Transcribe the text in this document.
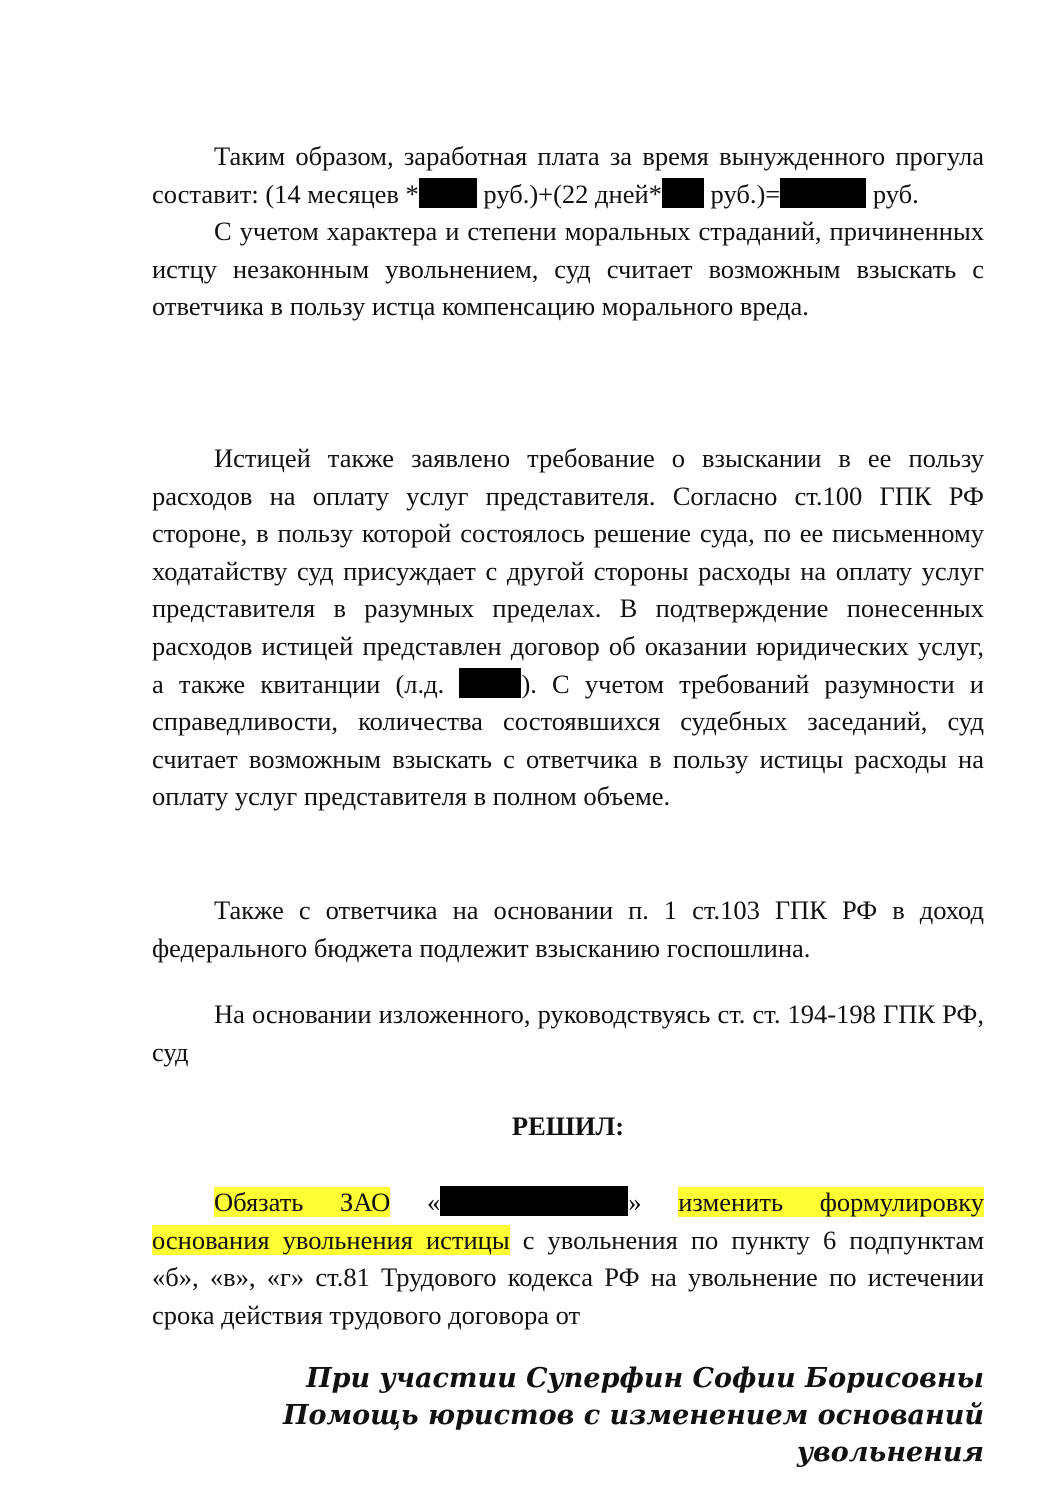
Таким образом, заработная плата за время вынужденного прогула составит: (14 месяцев * руб.)+(22 дней* руб.)=	руб.

С учетом характера и степени моральных страданий, причиненных истцу незаконным увольнением, суд считает возможным взыскать с ответчика в пользу истца компенсацию морального вреда.

Истицей также заявлено требование о взыскании в ее пользу расходов на оплату услуг представителя. Согласно ст.100 ГПК РФ стороне, в пользу которой состоялось решение суда, по ее письменному ходатайству суд присуждает с другой стороны расходы на оплату услуг представителя в разумных пределах. В подтверждение понесенных расходов истицей представлен договор об оказании юридических услуг, а также квитанции (л.д. ). С учетом требований разумности и справедливости, количества состоявшихся судебных заседаний, суд считает возможным взыскать с ответчика в пользу истицы расходы на оплату услуг представителя в полном объеме.

Также с ответчика на основании п. 1 ст.103 ГПК РФ в доход федерального бюджета подлежит взысканию госпошлина.

На основании изложенного, руководствуясь ст. ст. 194-198 ГПК РФ, суд

РЕШИЛ:

Обязать ЗАО «	» изменить формулировку основания увольнения истицы с увольнения по пункту 6 подпунктам «б», «в», «г» ст.81 Трудового кодекса РФ на увольнение по истечении срока действия трудового договора от

При участии Суперфин Софии Борисовны
Помощь юристов с изменением оснований
увольнения
